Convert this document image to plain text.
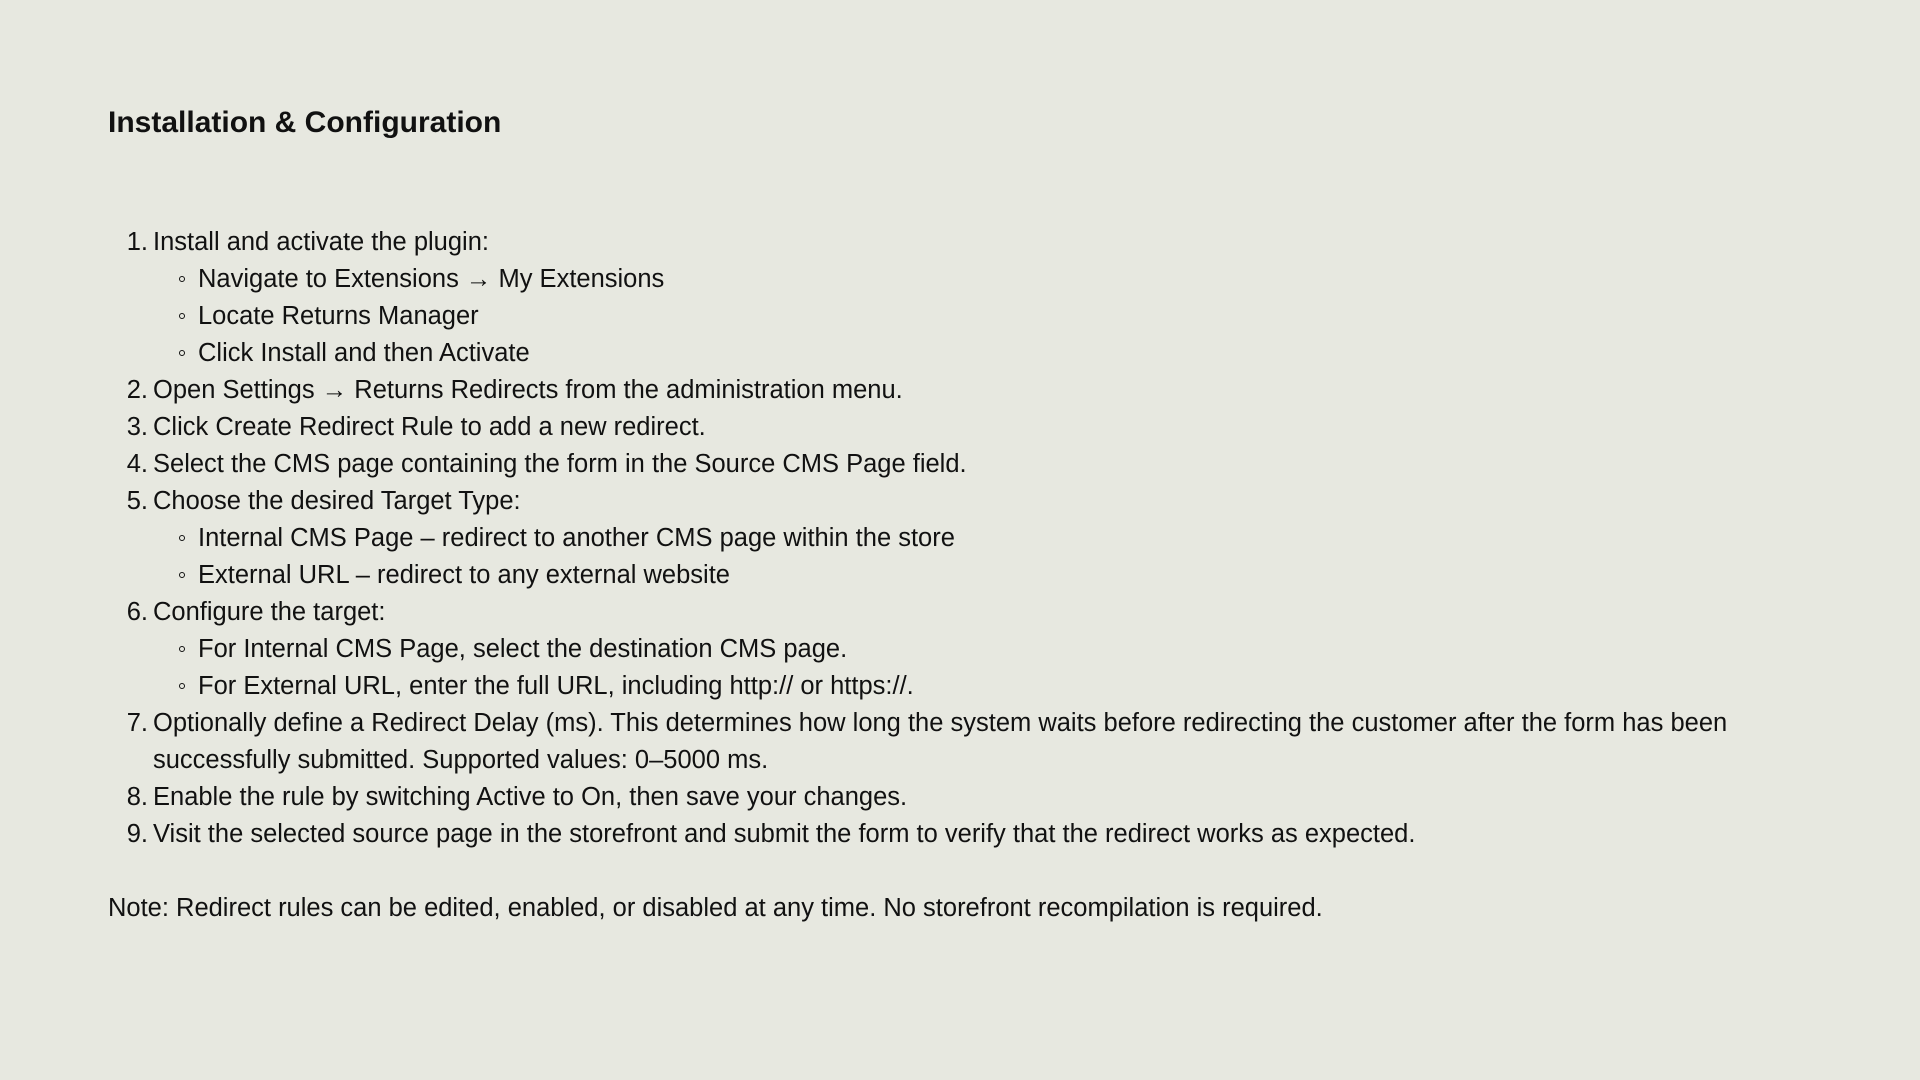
Installation & Configuration
1. Install and activate the plugin:
Navigate to Extensions → My Extensions
Locate Returns Manager
Click Install and then Activate
2. Open Settings → Returns Redirects from the administration menu.
3. Click Create Redirect Rule to add a new redirect.
4. Select the CMS page containing the form in the Source CMS Page field.
5. Choose the desired Target Type:
Internal CMS Page – redirect to another CMS page within the store
External URL – redirect to any external website
6. Configure the target:
For Internal CMS Page, select the destination CMS page.
For External URL, enter the full URL, including http:// or https://.
7. Optionally define a Redirect Delay (ms). This determines how long the system waits before redirecting the customer after the form has been successfully submitted. Supported values: 0–5000 ms.
8. Enable the rule by switching Active to On, then save your changes.
9. Visit the selected source page in the storefront and submit the form to verify that the redirect works as expected.

Note: Redirect rules can be edited, enabled, or disabled at any time. No storefront recompilation is required.
